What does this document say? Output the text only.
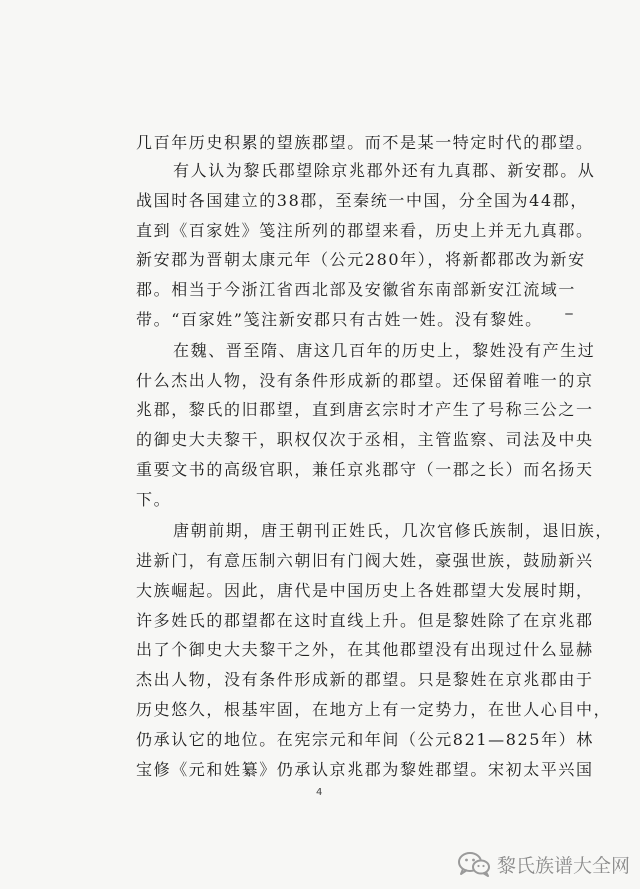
几百年历史积累的望族郡望。而不是某一特定时代的郡望。
有人认为黎氏郡望除京兆郡外还有九真郡、新安郡。从
战国时各国建立的38郡，至秦统一中国，分全国为44郡，
直到《百家姓》笺注所列的郡望来看，历史上并无九真郡。
新安郡为晋朝太康元年（公元280年），将新都郡改为新安
郡。相当于今浙江省西北部及安徽省东南部新安江流域一
带。“百家姓”笺注新安郡只有古姓一姓。没有黎姓。
在魏、晋至隋、唐这几百年的历史上，黎姓没有产生过
什么杰出人物，没有条件形成新的郡望。还保留着唯一的京
兆郡，黎氏的旧郡望，直到唐玄宗时才产生了号称三公之一
的御史大夫黎干，职权仅次于丞相，主管监察、司法及中央
重要文书的高级官职，兼任京兆郡守（一郡之长）而名扬天
下。
唐朝前期，唐王朝刊正姓氏，几次官修氏族制，退旧族，
进新门，有意压制六朝旧有门阀大姓，豪强世族，鼓励新兴
大族崛起。因此，唐代是中国历史上各姓郡望大发展时期，
许多姓氏的郡望都在这时直线上升。但是黎姓除了在京兆郡
出了个御史大夫黎干之外，在其他郡望没有出现过什么显赫
杰出人物，没有条件形成新的郡望。只是黎姓在京兆郡由于
历史悠久，根基牢固，在地方上有一定势力，在世人心目中，
仍承认它的地位。在宪宗元和年间（公元821—825年）林
宝修《元和姓纂》仍承认京兆郡为黎姓郡望。宋初太平兴国
4
黎氏族谱大全网
